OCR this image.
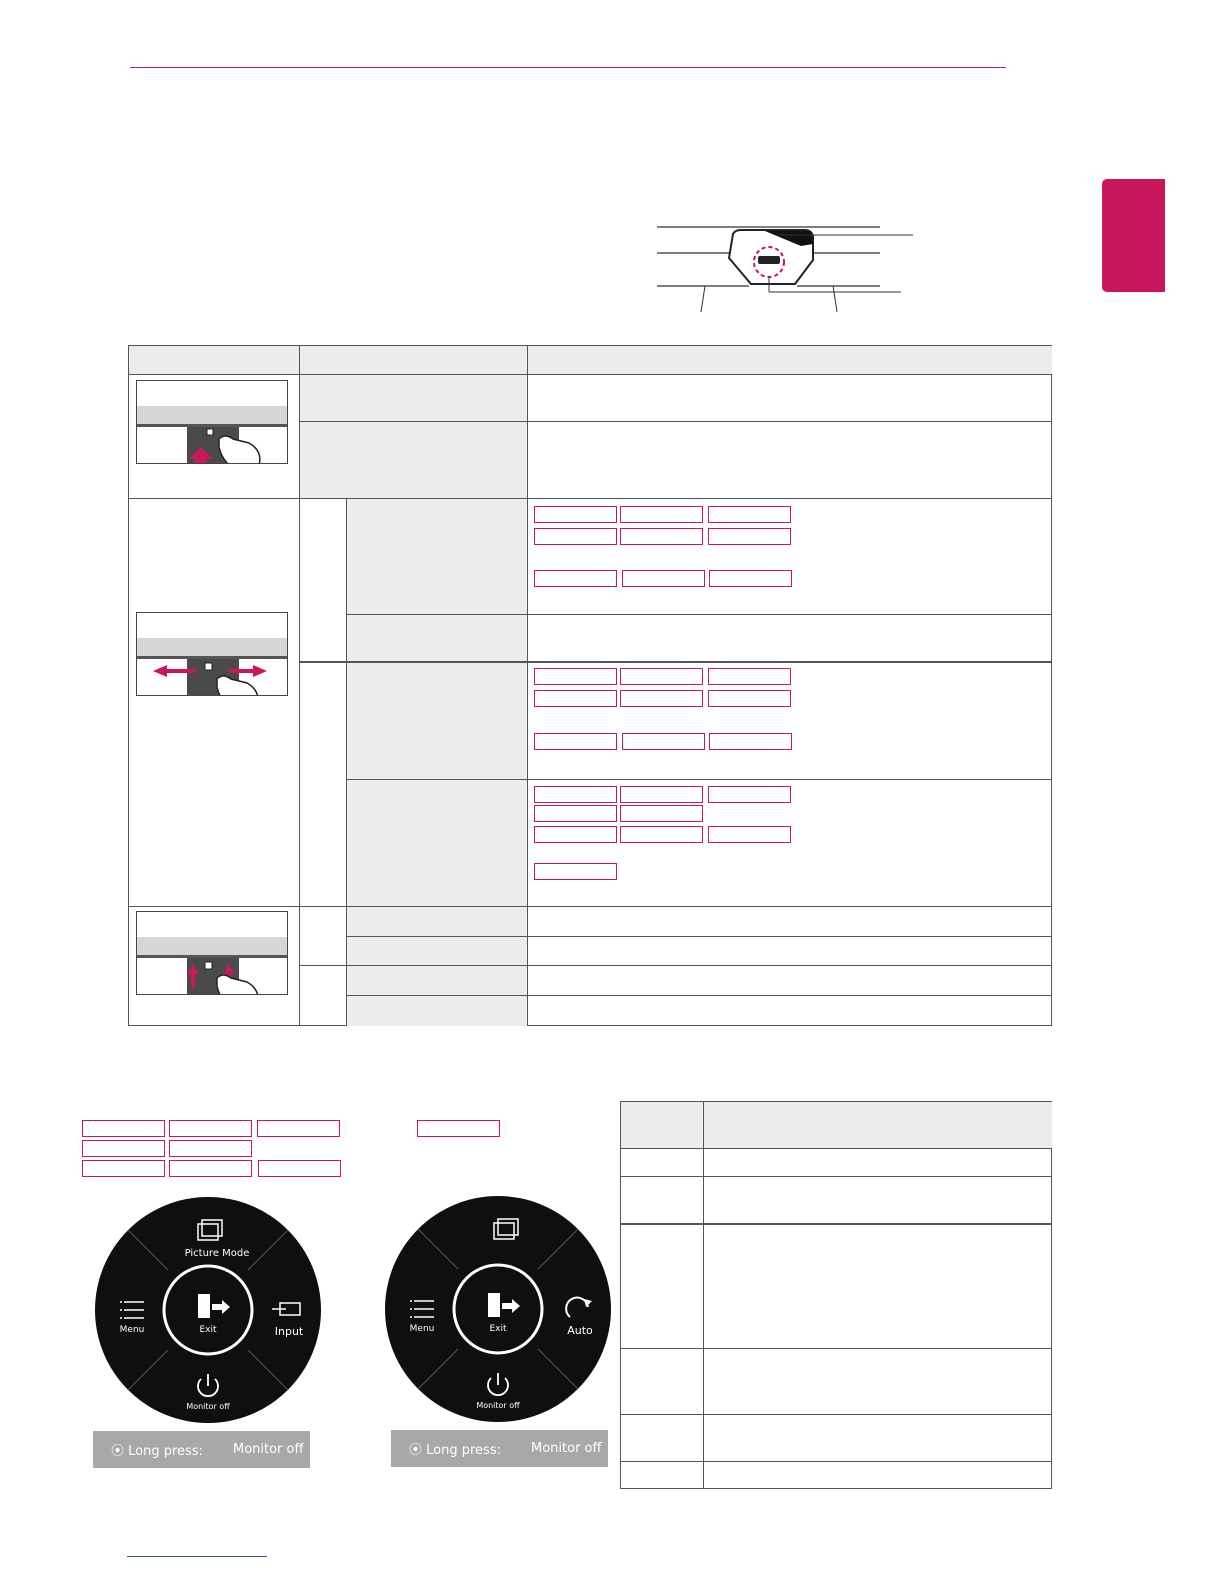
Exit
Picture Mode
Menu	Input
Monitor off
⦿ Long press: Monitor off
Exit
Menu	Auto
Monitor off
⦿ Long press: Monitor off
